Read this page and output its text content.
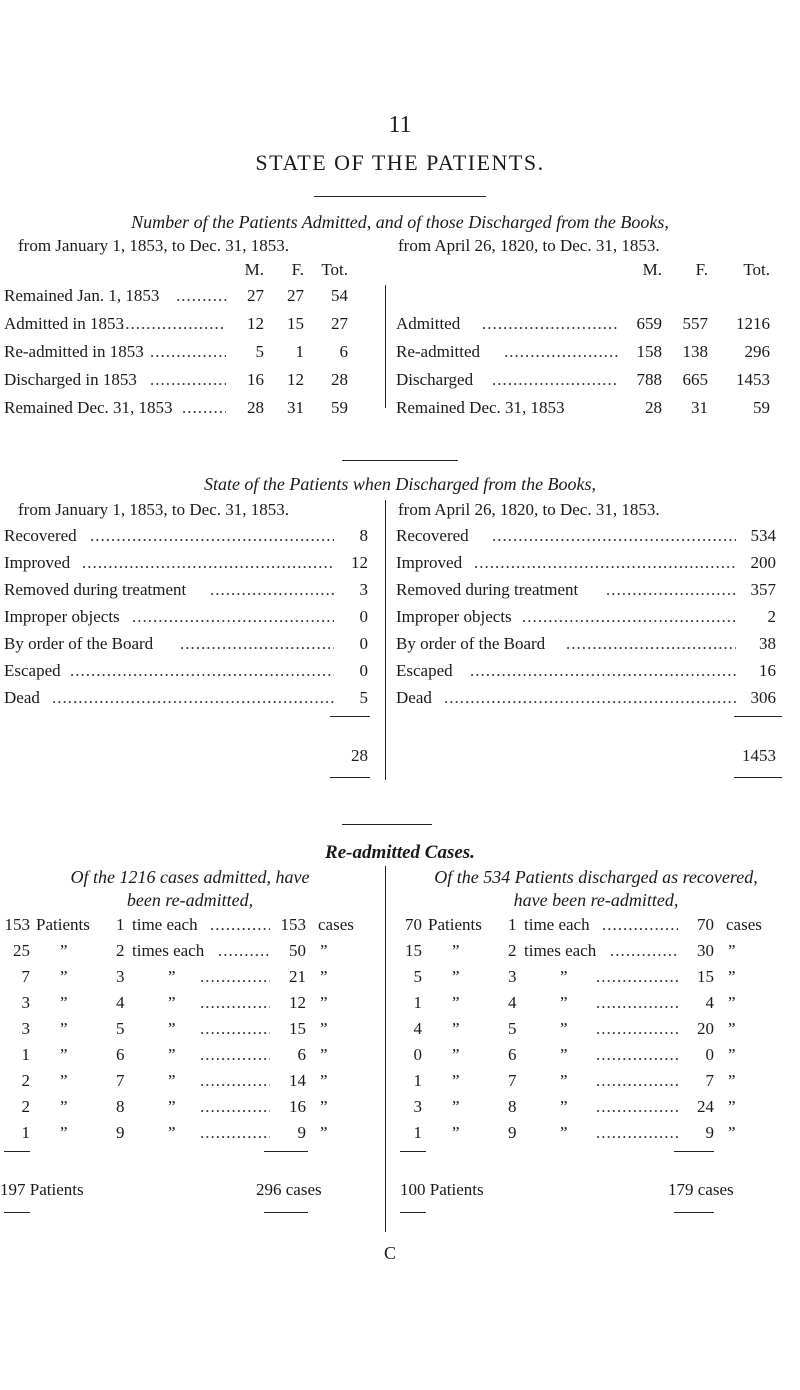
11
STATE OF THE PATIENTS.
Number of the Patients Admitted, and of those Discharged from the Books,
from January 1, 1853, to Dec. 31, 1853.
M.	F.	Tot.
Remained Jan. 1, 1853 .....	27	27	54
Admitted in 1853 .....	12	15	27
Re-admitted in 1853 .....	5	1	6
Discharged in 1853 .....	16	12	28
Remained Dec. 31, 1853 .....	28	31	59
from April 26, 1820, to Dec. 31, 1853.
M.	F.	Tot.
Admitted .....	659	557	1216
Re-admitted .....	158	138	296
Discharged .....	788	665	1453
Remained Dec. 31, 1853	28	31	59
State of the Patients when Discharged from the Books,
from January 1, 1853, to Dec. 31, 1853.
Recovered .....	8
Improved .....	12
Removed during treatment .....	3
Improper objects .....	0
By order of the Board .....	0
Escaped .....	0
Dead .....	5
28
from April 26, 1820, to Dec. 31, 1853.
Recovered .....	534
Improved .....	200
Removed during treatment .....	357
Improper objects .....	2
By order of the Board .....	38
Escaped .....	16
Dead .....	306
1453
Re-admitted Cases.
Of the 1216 cases admitted, have
been re-admitted,
153 Patients 1 time each .....	153 cases
25 ”	2 times each .....	50 ”
7 ”	3	” .....	21 ”
3 ”	4	” .....	12 ”
3 ”	5	” .....	15 ”
1 ”	6	” .....	6 ”
2 ”	7	” .....	14 ”
2 ”	8	” .....	16 ”
1 ”	9	” .....	9 ”
197 Patients	296 cases
Of the 534 Patients discharged as recovered,
have been re-admitted,
70 Patients 1 time each .....	70 cases
15 ”	2 times each .....	30 ”
5 ”	3	” .....	15 ”
1 ”	4	” .....	4 ”
4 ”	5	” .....	20 ”
0 ”	6	” .....	0 ”
1 ”	7	” .....	7 ”
3 ”	8	” .....	24 ”
1 ”	9	” .....	9 ”
100 Patients	179 cases
C
